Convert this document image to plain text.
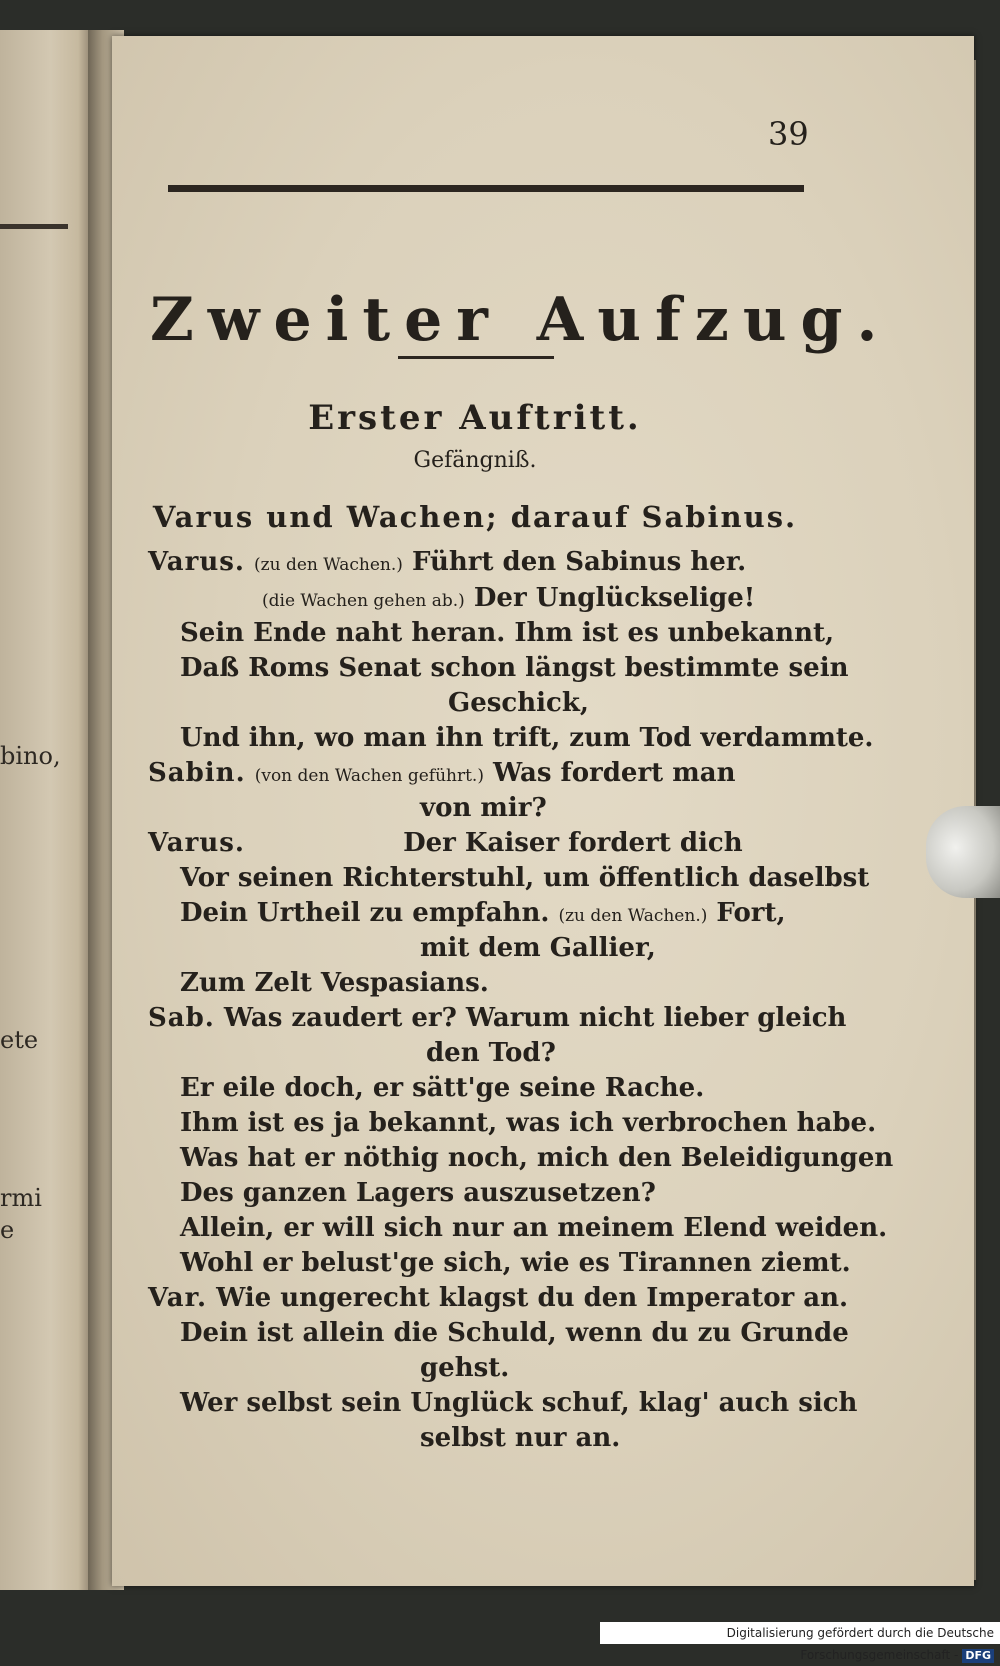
bino,
ete
rmi
e
39
Zweiter Aufzug.
Erster Auftritt.
Gefängniß.
Varus und Wachen; darauf Sabinus.
Varus. (zu den Wachen.) Führt den Sabinus her.
(die Wachen gehen ab.) Der Unglückselige!
Sein Ende naht heran. Ihm ist es unbekannt,
Daß Roms Senat schon längst bestimmte sein
Geschick,
Und ihn, wo man ihn trift, zum Tod verdammte.
Sabin. (von den Wachen geführt.) Was fordert man
von mir?
Varus.	Der Kaiser fordert dich
Vor seinen Richterstuhl, um öffentlich daselbst
Dein Urtheil zu empfahn. (zu den Wachen.) Fort,
mit dem Gallier,
Zum Zelt Vespasians.
Sab. Was zaudert er? Warum nicht lieber gleich
den Tod?
Er eile doch, er sätt'ge seine Rache.
Ihm ist es ja bekannt, was ich verbrochen habe.
Was hat er nöthig noch, mich den Beleidigungen
Des ganzen Lagers auszusetzen?
Allein, er will sich nur an meinem Elend weiden.
Wohl er belust'ge sich, wie es Tirannen ziemt.
Var. Wie ungerecht klagst du den Imperator an.
Dein ist allein die Schuld, wenn du zu Grunde
gehst.
Wer selbst sein Unglück schuf, klag' auch sich
selbst nur an.
Digitalisierung gefördert durch die Deutsche Forschungsgemeinschaft - DFG
